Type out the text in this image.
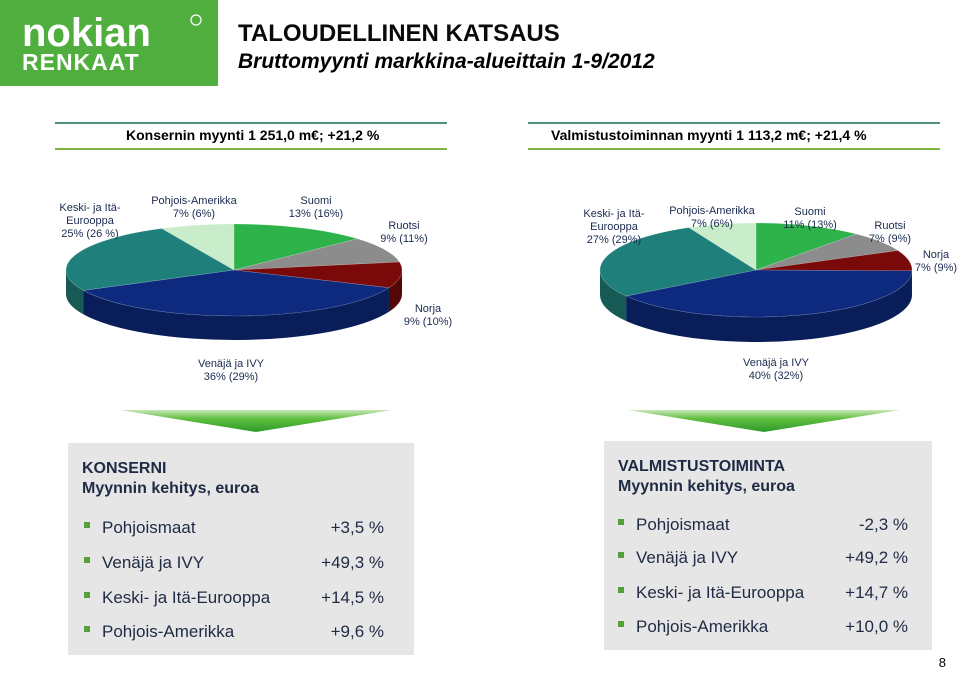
nokian
RENKAAT
TALOUDELLINEN KATSAUS
Bruttomyynti markkina-alueittain 1-9/2012
Konsernin myynti 1 251,0 m€; +21,2 %	Valmistustoiminnan myynti 1 113,2 m€; +21,4 %
Keski- ja Itä-
Eurooppa
25% (26 %)
Pohjois-Amerikka
7% (6%)
Suomi
13% (16%)
Ruotsi
9% (11%)
Norja
9% (10%)
Venäjä ja IVY
36% (29%)
Keski- ja Itä-
Eurooppa
27% (29%)
Pohjois-Amerikka
7% (6%)
Suomi
11% (13%)	Ruotsi
7% (9%)
Norja
7% (9%)
Venäjä ja IVY
40% (32%)
KONSERNI
Myynnin kehitys, euroa
Pohjoismaat	+3,5 %
Venäjä ja IVY	+49,3 %
Keski- ja Itä-Eurooppa	+14,5 %
Pohjois-Amerikka	+9,6 %
VALMISTUSTOIMINTA
Myynnin kehitys, euroa
Pohjoismaat	-2,3 %
Venäjä ja IVY	+49,2 %
Keski- ja Itä-Eurooppa +14,7 %
Pohjois-Amerikka	+10,0 %
8
